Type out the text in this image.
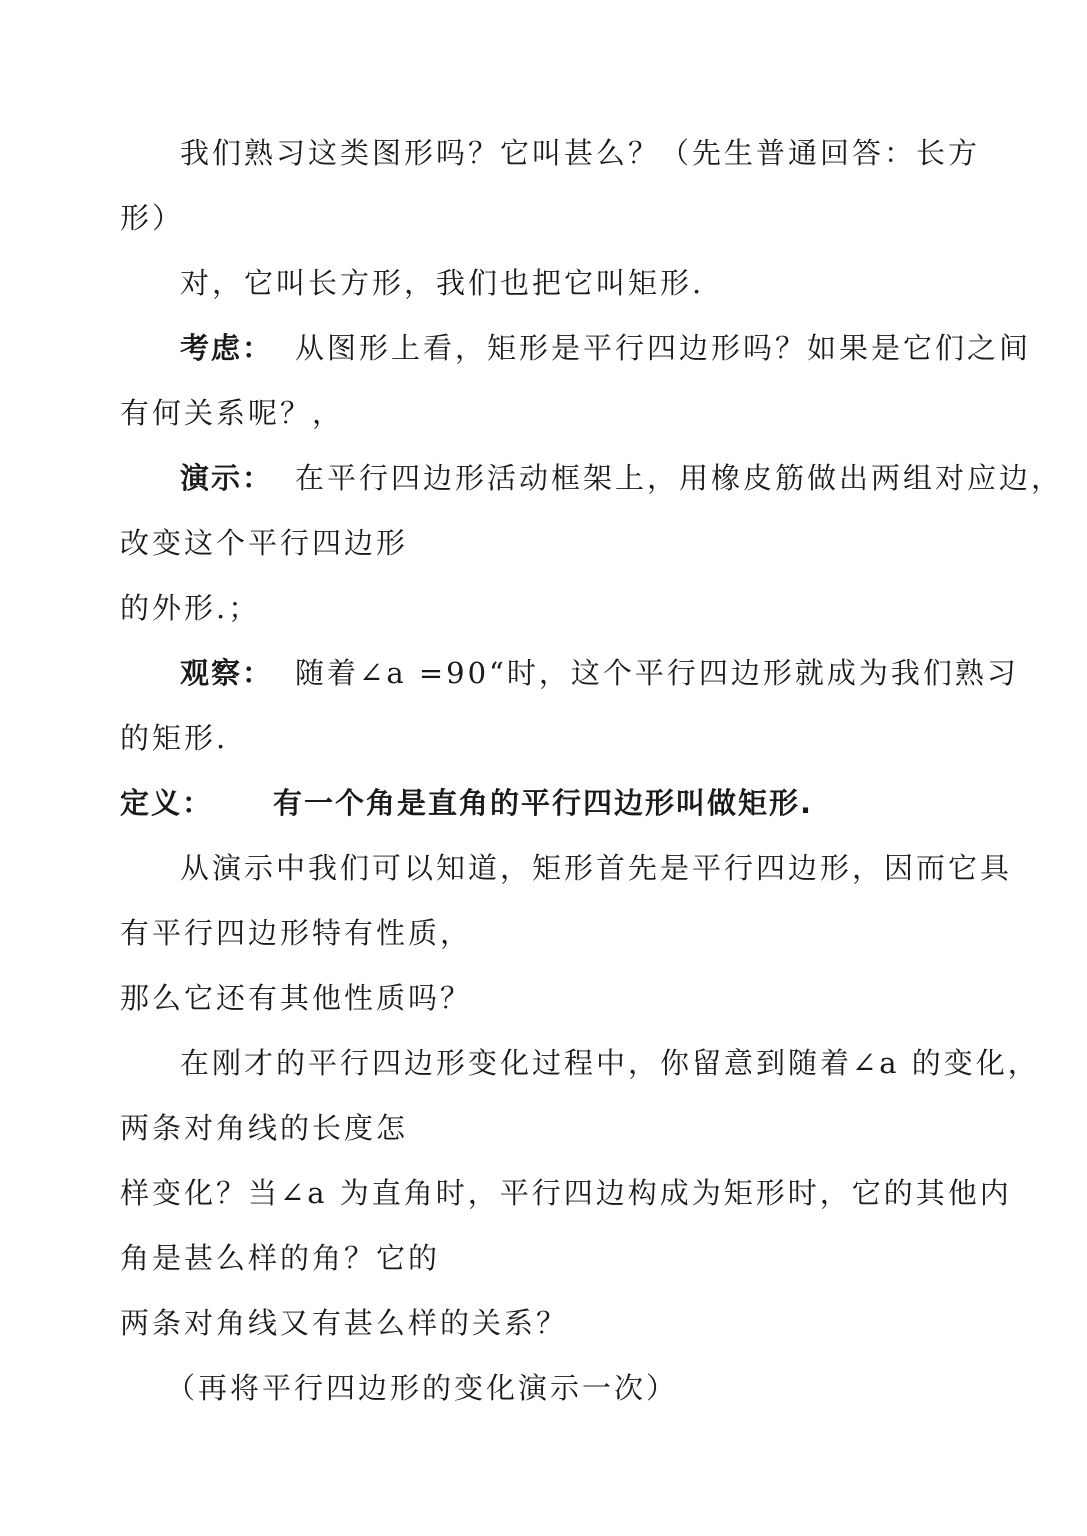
我们熟习这类图形吗？它叫甚么？（先生普通回答：长方
形）
对，它叫长方形，我们也把它叫矩形.
考虑： 从图形上看，矩形是平行四边形吗？如果是它们之间
有何关系呢？，
演示： 在平行四边形活动框架上，用橡皮筋做出两组对应边，
改变这个平行四边形
的外形.；
观察： 随着∠a =90“时，这个平行四边形就成为我们熟习
的矩形.
定义： 有一个角是直角的平行四边形叫做矩形.
从演示中我们可以知道，矩形首先是平行四边形，因而它具
有平行四边形特有性质，
那么它还有其他性质吗？
在刚才的平行四边形变化过程中，你留意到随着∠a 的变化，
两条对角线的长度怎
样变化？当∠a 为直角时，平行四边构成为矩形时，它的其他内
角是甚么样的角？它的
两条对角线又有甚么样的关系？
（再将平行四边形的变化演示一次）
